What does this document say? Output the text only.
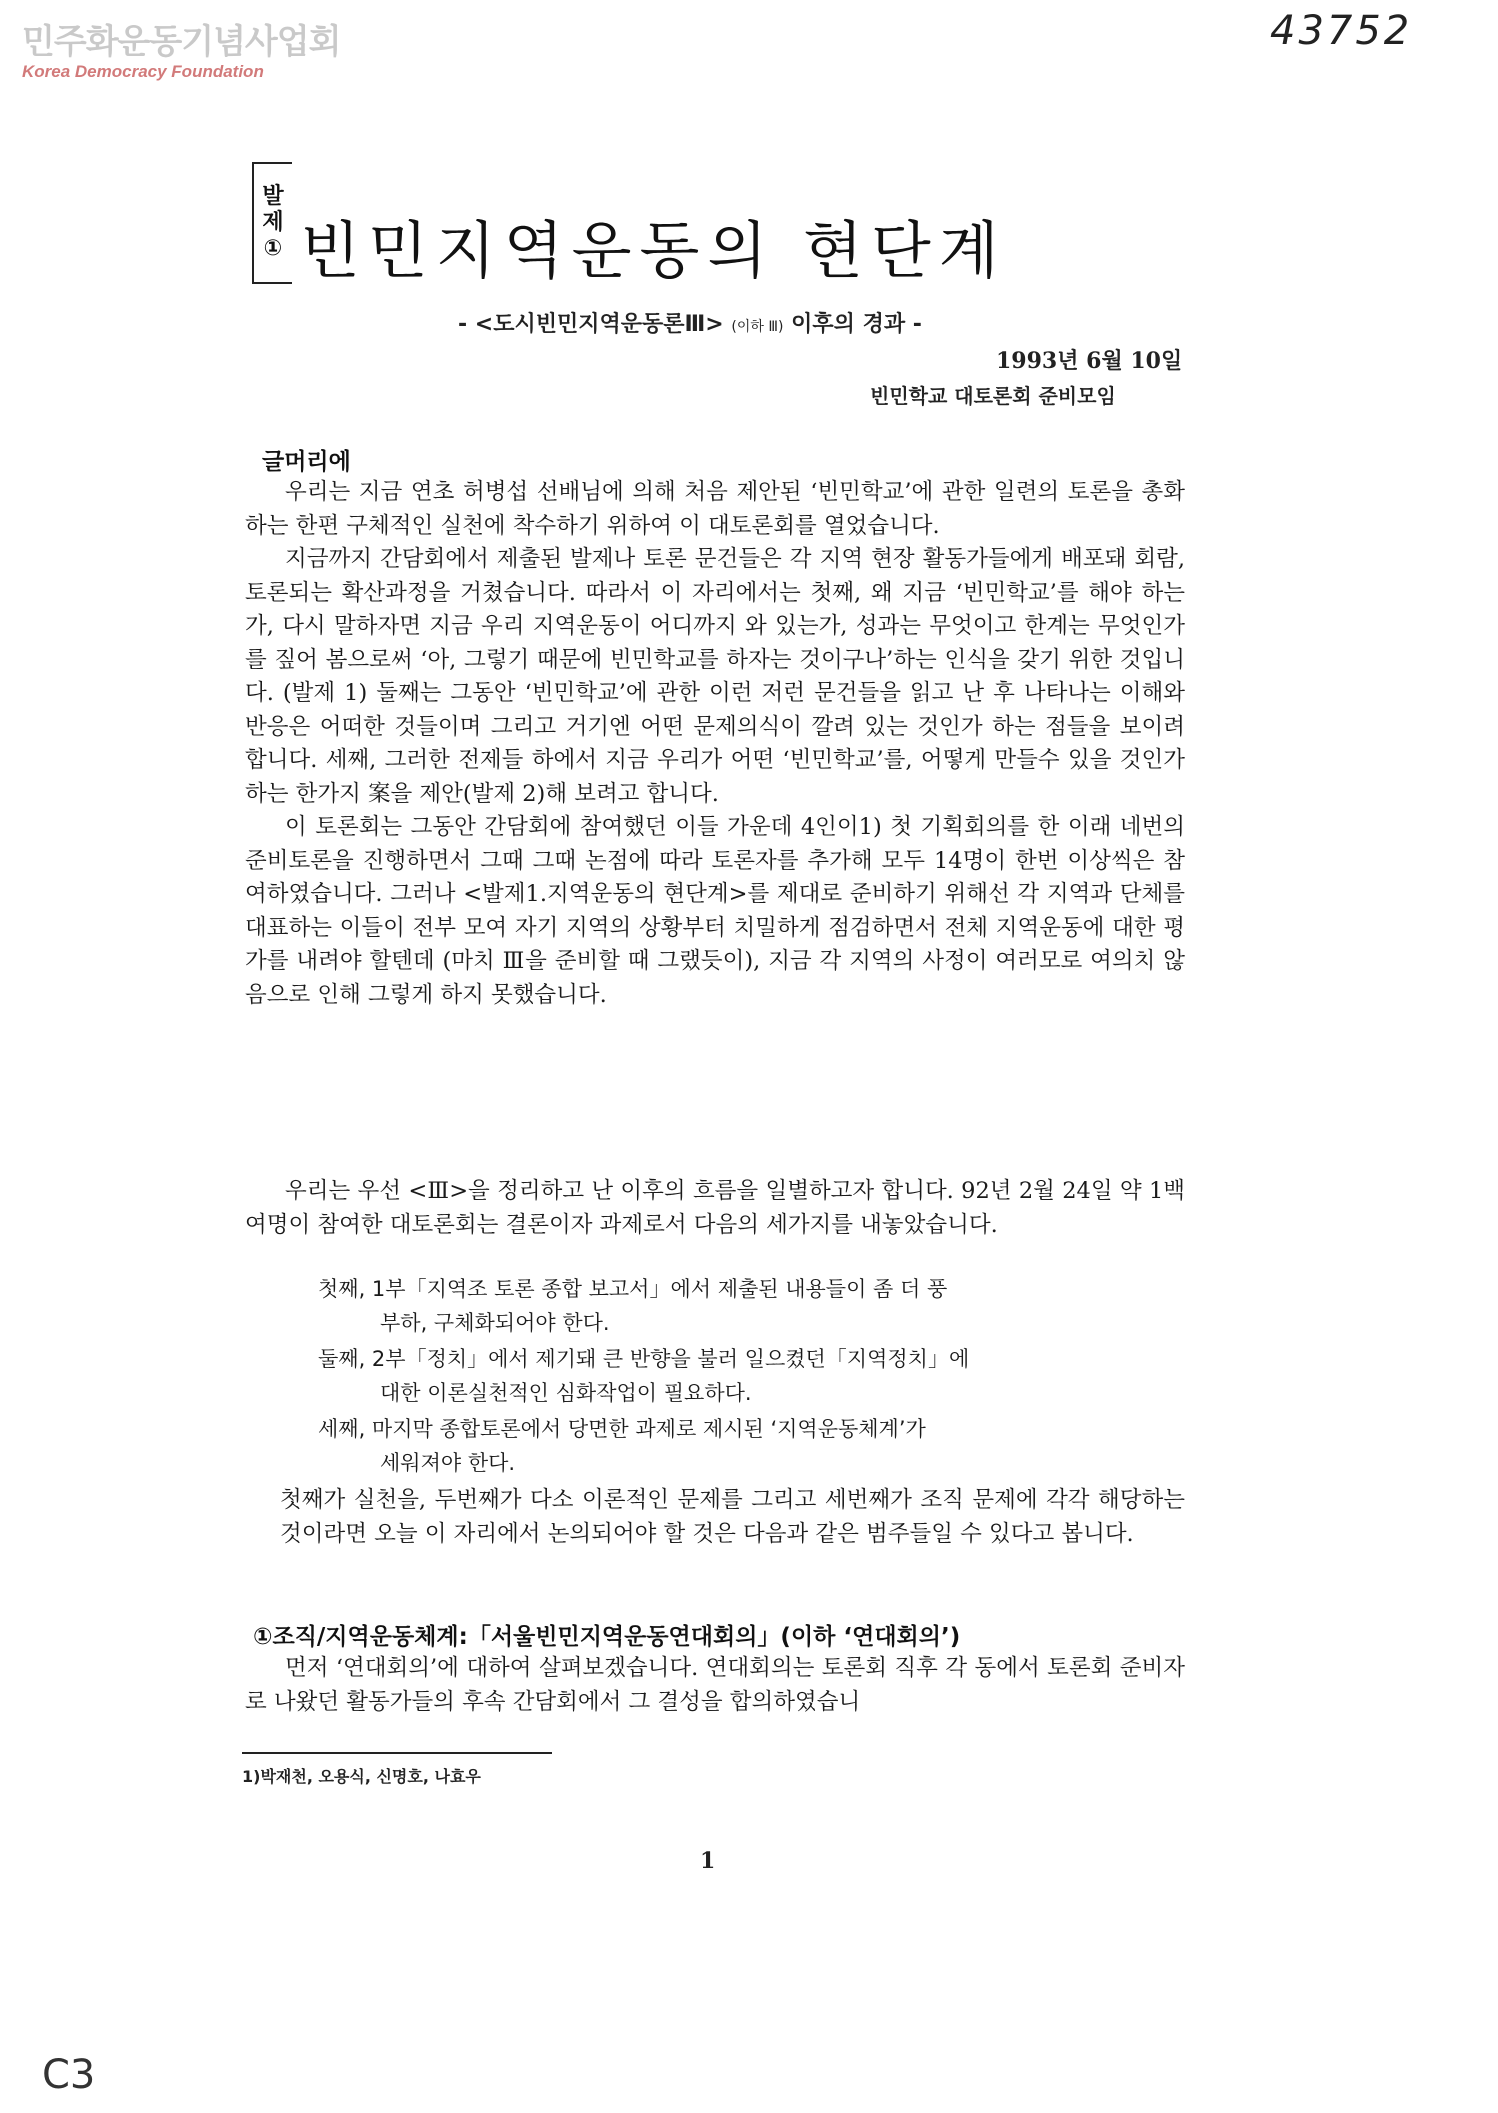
민주화운동기념사업회
Korea Democracy Foundation
43752
C3
발
제
① 빈민지역운동의 현단계
- <도시빈민지역운동론Ⅲ> (이하 Ⅲ) 이후의 경과 -
1993년 6월 10일
빈민학교 대토론회 준비모임
글머리에

우리는 지금 연초 허병섭 선배님에 의해 처음 제안된 ‘빈민학교’에 관한 일련의 토론을 총화하는 한편 구체적인 실천에 착수하기 위하여 이 대토론회를 열었습니다.

지금까지 간담회에서 제출된 발제나 토론 문건들은 각 지역 현장 활동가들에게 배포돼 회람, 토론되는 확산과정을 거쳤습니다. 따라서 이 자리에서는 첫째, 왜 지금 ‘빈민학교’를 해야 하는가, 다시 말하자면 지금 우리 지역운동이 어디까지 와 있는가, 성과는 무엇이고 한계는 무엇인가를 짚어 봄으로써 ‘아, 그렇기 때문에 빈민학교를 하자는 것이구나’하는 인식을 갖기 위한 것입니다. (발제 1) 둘째는 그동안 ‘빈민학교’에 관한 이런 저런 문건들을 읽고 난 후 나타나는 이해와 반응은 어떠한 것들이며 그리고 거기엔 어떤 문제의식이 깔려 있는 것인가 하는 점들을 보이려 합니다. 세째, 그러한 전제들 하에서 지금 우리가 어떤 ‘빈민학교’를, 어떻게 만들수 있을 것인가 하는 한가지 案을 제안(발제 2)해 보려고 합니다.

이 토론회는 그동안 간담회에 참여했던 이들 가운데 4인이1) 첫 기획회의를 한 이래 네번의 준비토론을 진행하면서 그때 그때 논점에 따라 토론자를 추가해 모두 14명이 한번 이상씩은 참여하였습니다. 그러나 <발제1.지역운동의 현단계>를 제대로 준비하기 위해선 각 지역과 단체를 대표하는 이들이 전부 모여 자기 지역의 상황부터 치밀하게 점검하면서 전체 지역운동에 대한 평가를 내려야 할텐데 (마치 Ⅲ을 준비할 때 그랬듯이), 지금 각 지역의 사정이 여러모로 여의치 않음으로 인해 그렇게 하지 못했습니다.

우리는 우선 <Ⅲ>을 정리하고 난 이후의 흐름을 일별하고자 합니다. 92년 2월 24일 약 1백여명이 참여한 대토론회는 결론이자 과제로서 다음의 세가지를 내놓았습니다.

첫째, 1부「지역조 토론 종합 보고서」에서 제출된 내용들이 좀 더 풍
부하, 구체화되어야 한다.
둘째, 2부「정치」에서 제기돼 큰 반향을 불러 일으켰던「지역정치」에
대한 이론실천적인 심화작업이 필요하다.
세째, 마지막 종합토론에서 당면한 과제로 제시된 ‘지역운동체계’가
세워져야 한다.

첫째가 실천을, 두번째가 다소 이론적인 문제를 그리고 세번째가 조직 문제에 각각 해당하는 것이라면 오늘 이 자리에서 논의되어야 할 것은 다음과 같은 범주들일 수 있다고 봅니다.

①조직/지역운동체계:「서울빈민지역운동연대회의」(이하 ‘연대회의’)

먼저 ‘연대회의’에 대하여 살펴보겠습니다. 연대회의는 토론회 직후 각 동에서 토론회 준비자로 나왔던 활동가들의 후속 간담회에서 그 결성을 합의하였습니

1)박재천, 오용식, 신명호, 나효우
1
